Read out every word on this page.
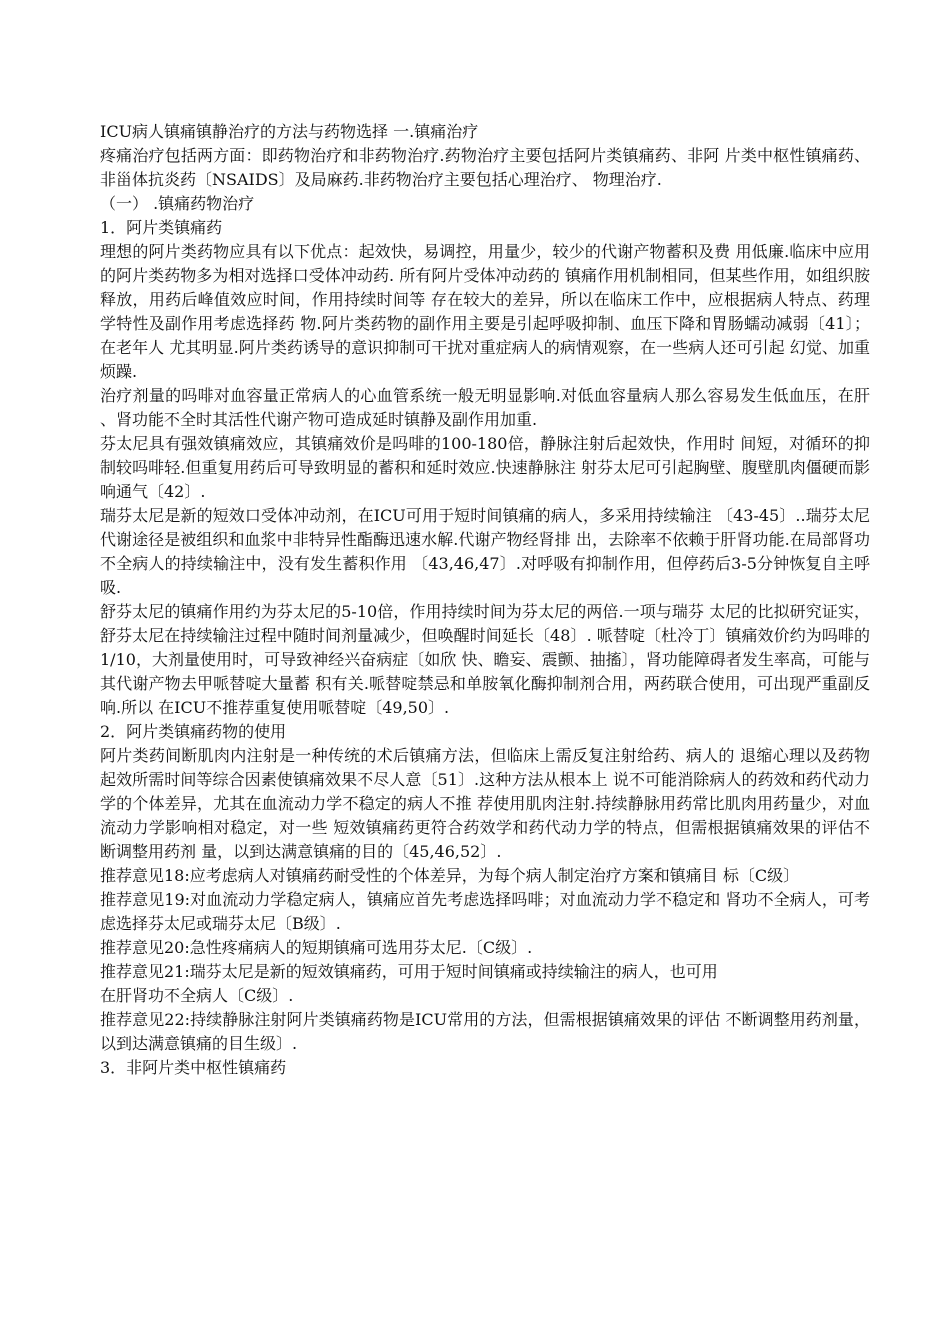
ICU病人镇痛镇静治疗的方法与药物选择 一.镇痛治疗

疼痛治疗包括两方面：即药物治疗和非药物治疗.药物治疗主要包括阿片类镇痛药、非阿 片类中枢性镇痛药、非甾体抗炎药〔NSAIDS〕及局麻药.非药物治疗主要包括心理治疗、 物理治疗.

（一） .镇痛药物治疗

1．阿片类镇痛药

理想的阿片类药物应具有以下优点：起效快，易调控，用量少，较少的代谢产物蓄积及费 用低廉.临床中应用的阿片类药物多为相对选择口受体冲动药. 所有阿片受体冲动药的 镇痛作用机制相同，但某些作用，如组织胺释放，用药后峰值效应时间，作用持续时间等 存在较大的差异，所以在临床工作中，应根据病人特点、药理学特性及副作用考虑选择药 物.阿片类药物的副作用主要是引起呼吸抑制、血压下降和胃肠蠕动减弱〔41〕；在老年人 尤其明显.阿片类药诱导的意识抑制可干扰对重症病人的病情观察，在一些病人还可引起 幻觉、加重烦躁.

治疗剂量的吗啡对血容量正常病人的心血管系统一般无明显影响.对低血容量病人那么容易发生低血压，在肝、肾功能不全时其活性代谢产物可造成延时镇静及副作用加重.

芬太尼具有强效镇痛效应，其镇痛效价是吗啡的100-180倍，静脉注射后起效快，作用时 间短，对循环的抑制较吗啡轻.但重复用药后可导致明显的蓄积和延时效应.快速静脉注 射芬太尼可引起胸壁、腹壁肌肉僵硬而影响通气〔42〕.

瑞芬太尼是新的短效口受体冲动剂，在ICU可用于短时间镇痛的病人，多采用持续输注 〔43-45〕..瑞芬太尼代谢途径是被组织和血浆中非特异性酯酶迅速水解.代谢产物经肾排 出，去除率不依赖于肝肾功能.在局部肾功不全病人的持续输注中，没有发生蓄积作用 〔43,46,47〕.对呼吸有抑制作用，但停药后3-5分钟恢复自主呼吸.

舒芬太尼的镇痛作用约为芬太尼的5-10倍，作用持续时间为芬太尼的两倍.一项与瑞芬 太尼的比拟研究证实，舒芬太尼在持续输注过程中随时间剂量减少，但唤醒时间延长〔48〕. 哌替啶〔杜冷丁〕镇痛效价约为吗啡的1/10，大剂量使用时，可导致神经兴奋病症〔如欣 快、瞻妄、震颤、抽搐〕，肾功能障碍者发生率高，可能与其代谢产物去甲哌替啶大量蓄 积有关.哌替啶禁忌和单胺氧化酶抑制剂合用，两药联合使用，可出现严重副反响.所以 在ICU不推荐重复使用哌替啶〔49,50〕.

2．阿片类镇痛药物的使用

阿片类药间断肌肉内注射是一种传统的术后镇痛方法，但临床上需反复注射给药、病人的 退缩心理以及药物起效所需时间等综合因素使镇痛效果不尽人意〔51〕.这种方法从根本上 说不可能消除病人的药效和药代动力学的个体差异，尤其在血流动力学不稳定的病人不推 荐使用肌肉注射.持续静脉用药常比肌肉用药量少，对血流动力学影响相对稳定，对一些 短效镇痛药更符合药效学和药代动力学的特点，但需根据镇痛效果的评估不断调整用药剂 量，以到达满意镇痛的目的〔45,46,52〕.

推荐意见18:应考虑病人对镇痛药耐受性的个体差异，为每个病人制定治疗方案和镇痛目 标〔C级〕

推荐意见19:对血流动力学稳定病人，镇痛应首先考虑选择吗啡；对血流动力学不稳定和 肾功不全病人，可考虑选择芬太尼或瑞芬太尼〔B级〕.

推荐意见20:急性疼痛病人的短期镇痛可选用芬太尼.〔C级〕.

推荐意见21:瑞芬太尼是新的短效镇痛药，可用于短时间镇痛或持续输注的病人，也可用

在肝肾功不全病人〔C级〕.

推荐意见22:持续静脉注射阿片类镇痛药物是ICU常用的方法，但需根据镇痛效果的评估 不断调整用药剂量，以到达满意镇痛的目生级〕.

3．非阿片类中枢性镇痛药
